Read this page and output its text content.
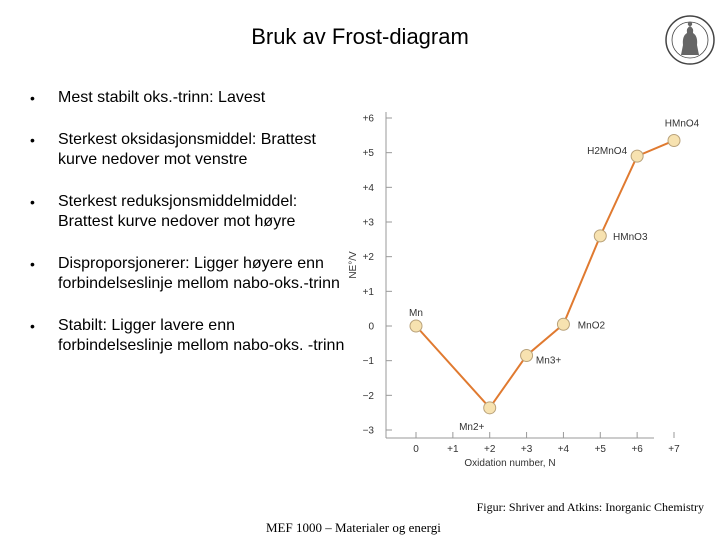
Bruk av Frost-diagram
• Mest stabilt oks.-trinn: Lavest
• Sterkest oksidasjonsmiddel: Brattest kurve nedover mot venstre
• Sterkest reduksjonsmiddelmiddel: Brattest kurve nedover mot høyre
• Disproporsjonerer: Ligger høyere enn forbindelseslinje mellom nabo-oks.-trinn
• Stabilt: Ligger lavere enn forbindelseslinje mellom nabo-oks. -trinn
−3
−2
−1
0
+1
+2
+3
+4
+5
+6
0	+1	+2	+3	+4	+5	+6	+7
Oxidation number, N
NE°/V
Mn
Mn2+
Mn3+
MnO2
HMnO3
H2MnO4
HMnO4
Figur: Shriver and Atkins: Inorganic Chemistry
MEF 1000 – Materialer og energi
